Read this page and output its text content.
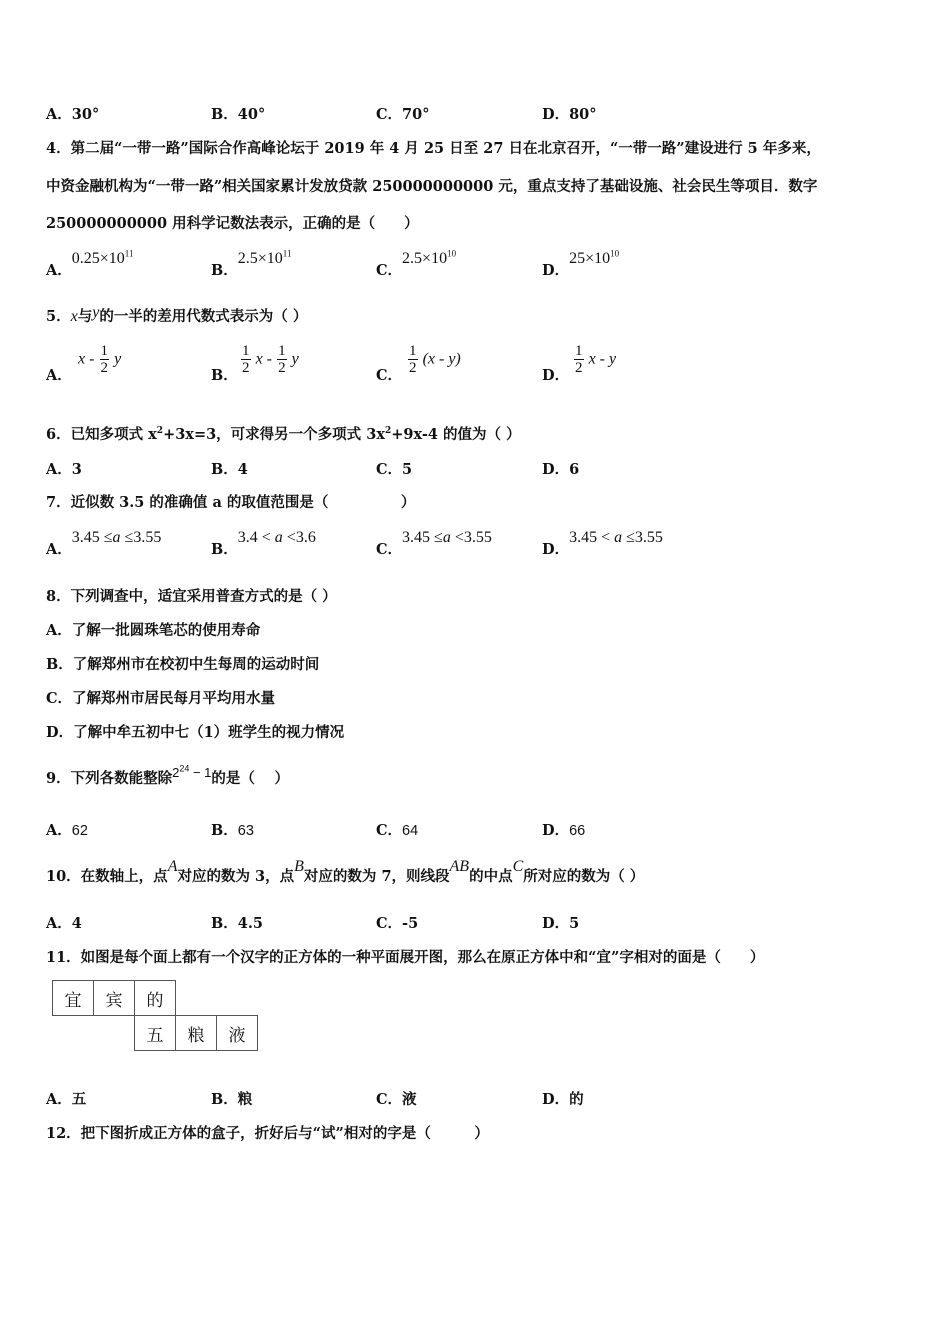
A．30°	B．40°	C．70°	D．80°
4．第二届“一带一路”国际合作高峰论坛于 2019 年 4 月 25 日至 27 日在北京召开，“一带一路”建设进行 5 年多来，
中资金融机构为“一带一路”相关国家累计发放贷款 250000000000 元，重点支持了基础设施、社会民生等项目．数字
250000000000 用科学记数法表示，正确的是（　　）
A．$0.25\times 10^{11}$
B．$2.5\times 10^{11}$
C．$2.5\times 10^{10}$
D．$25\times 10^{10}$
5．x与y的一半的差用代数式表示为（ ）
A．
x - $\frac{1}{2}$ y
B． $\frac{1}{2}$ x - $\frac{1}{2}$ y
C． $\frac{1}{2} (x - y)$
D． $\frac{1}{2}$ x - y
6．已知多项式 $x^2+3x=3$，可求得另一个多项式 $3x^2+9x-4$ 的值为（ ）
A．3	B．4	C．5	D．6
7．近似数 3.5 的准确值 a 的取值范围是（　　　　　）
A．3.45 ≤a ≤3.55
B．3.4 < a <3.6
C．3.45 ≤a <3.55
D．3.45 < a ≤3.55
8．下列调查中，适宜采用普查方式的是（ ）
A．了解一批圆珠笔芯的使用寿命
B．了解郑州市在校初中生每周的运动时间
C．了解郑州市居民每月平均用水量
D．了解中牟五初中七（1）班学生的视力情况
9．下列各数能整除$2^{24} - 1$的是（　 ）
A．62	B．63	C．64	D．66
10．在数轴上，点A对应的数为 3，点B对应的数为 7，则线段AB的中点C所对应的数为（ ）
A．4	B．4.5	C．-5	D．5
11．如图是每个面上都有一个汉字的正方体的一种平面展开图，那么在原正方体中和“宜”字相对的面是（　　）
宜	宾	的		
		五	粮	液
A．五	B．粮	C．液	D．的
12．把下图折成正方体的盒子，折好后与“试”相对的字是（　　　）
